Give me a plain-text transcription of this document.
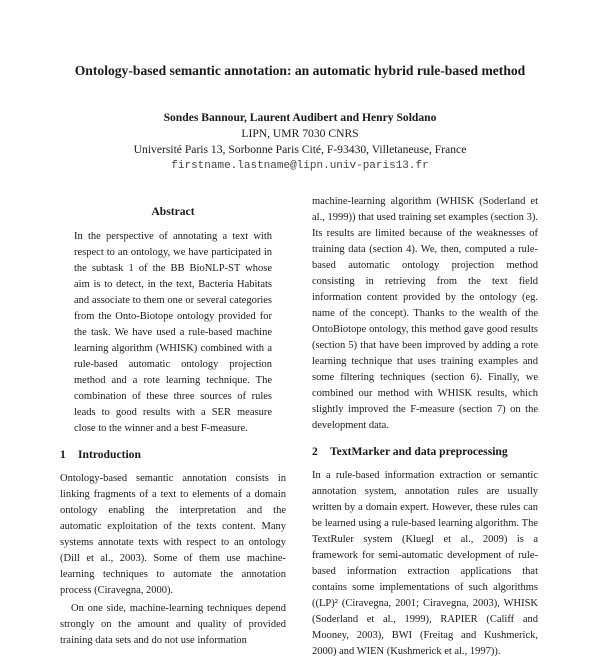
Ontology-based semantic annotation: an automatic hybrid rule-based method
Sondes Bannour, Laurent Audibert and Henry Soldano
LIPN, UMR 7030 CNRS
Université Paris 13, Sorbonne Paris Cité, F-93430, Villetaneuse, France
firstname.lastname@lipn.univ-paris13.fr
Abstract

In the perspective of annotating a text with respect to an ontology, we have participated in the subtask 1 of the BB BioNLP-ST whose aim is to detect, in the text, Bacteria Habitats and associate to them one or several categories from the Onto-Biotope ontology provided for the task. We have used a rule-based machine learning algorithm (WHISK) combined with a rule-based automatic ontology projection method and a rote learning technique. The combination of these three sources of rules leads to good results with a SER measure close to the winner and a best F-measure.

1 Introduction

Ontology-based semantic annotation consists in linking fragments of a text to elements of a domain ontology enabling the interpretation and the automatic exploitation of the texts content. Many systems annotate texts with respect to an ontology (Dill et al., 2003). Some of them use machine-learning techniques to automate the annotation process (Ciravegna, 2000).

On one side, machine-learning techniques depend strongly on the amount and quality of provided training data sets and do not use information

machine-learning algorithm (WHISK (Soderland et al., 1999)) that used training set examples (section 3). Its results are limited because of the weaknesses of training data (section 4). We, then, computed a rule-based automatic ontology projection method consisting in retrieving from the text field information content provided by the ontology (eg. name of the concept). Thanks to the wealth of the OntoBiotope ontology, this method gave good results (section 5) that have been improved by adding a rote learning technique that uses training examples and some filtering techniques (section 6). Finally, we combined our method with WHISK results, which slightly improved the F-measure (section 7) on the development data.

2 TextMarker and data preprocessing

In a rule-based information extraction or semantic annotation system, annotation rules are usually written by a domain expert. However, these rules can be learned using a rule-based learning algorithm. The TextRuler system (Kluegl et al., 2009) is a framework for semi-automatic development of rule-based information extraction applications that contains some implementations of such algorithms ((LP)² (Ciravegna, 2001; Ciravegna, 2003), WHISK (Soderland et al., 1999), RAPIER (Califf and Mooney, 2003), BWI (Freitag and Kushmerick, 2000) and WIEN (Kushmerick et al., 1997)).
